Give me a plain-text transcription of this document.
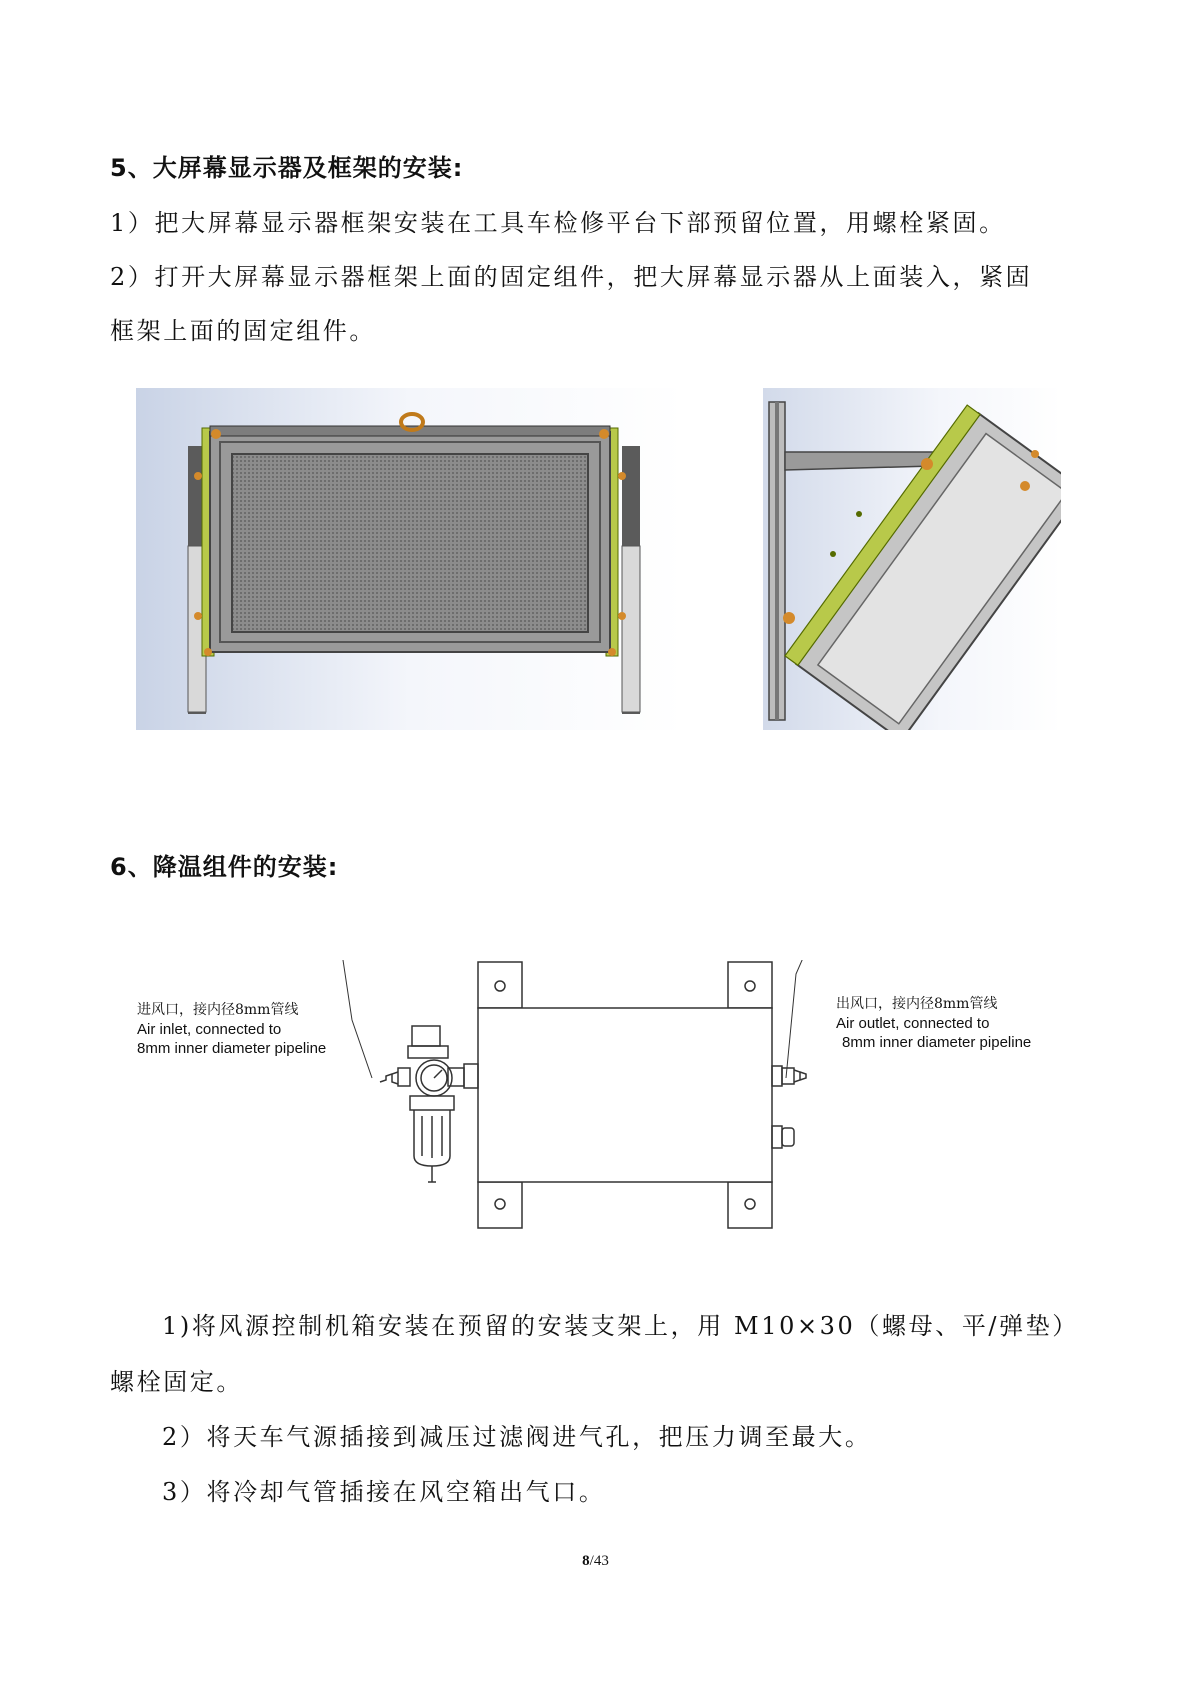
5、大屏幕显示器及框架的安装:
1）把大屏幕显示器框架安装在工具车检修平台下部预留位置，用螺栓紧固。
2）打开大屏幕显示器框架上面的固定组件，把大屏幕显示器从上面装入，紧固
框架上面的固定组件。
6、降温组件的安装:
进风口，接内径8mm管线
Air inlet, connected to
8mm inner diameter pipeline
出风口，接内径8mm管线
Air outlet, connected to
8mm inner diameter pipeline
1)将风源控制机箱安装在预留的安装支架上，用 M10×30（螺母、平/弹垫）
螺栓固定。
2）将天车气源插接到减压过滤阀进气孔，把压力调至最大。
3）将冷却气管插接在风空箱出气口。
8/43
